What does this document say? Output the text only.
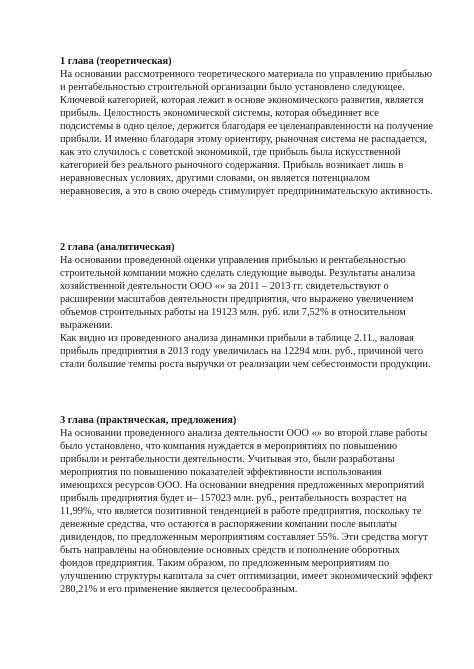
1 глава (теоретическая)

На основании рассмотренного теоретического материала по управлению прибылью и рентабельностью строительной организации было установлено следующее.

Ключевой категорией, которая лежит в основе экономического развития, является прибыль. Целостность экономической системы, которая объединяет все подсистемы в одно целое, держится благодаря ее целенаправленности на получение прибыли. И именно благодаря этому ориентиру, рыночная система не распадается, как это случилось с советской экономикой, где прибыль была искусственной категорией без реального рыночного содержания. Прибыль возникает лишь в неравновесных условиях, другими словами, он является потенциалом неравновесия, а это в свою очередь стимулирует предпринимательскую активность.

2 глава (аналитическая)

На основании проведенной оценки управления прибылью и рентабельностью строительной компании можно сделать следующие выводы. Результаты анализа хозяйственной деятельности ООО «» за 2011 – 2013 гг. свидетельствуют о расширении масштабов деятельности предприятия, что выражено увеличением объемов строительных работы на 19123 млн. руб. или 7,52% в относительном выражении.

Как видно из проведенного анализа динамики прибыли в таблице 2.11., валовая прибыль предприятия в 2013 году увеличилась на 12294 млн. руб., причиной чего стали большие темпы роста выручки от реализации чем себестоимости продукции.

3 глава (практическая, предложения)

На основании проведенного анализа деятельности ООО «» во второй главе работы было установлено, что компания нуждается в мероприятиях по повышению прибыли и рентабельности деятельности. Учитывая это, были разработаны мероприятия по повышению показателей эффективности использования имеющихся ресурсов ООО. На основании внедрения предложенных мероприятий прибыль предприятия будет и– 157023 млн. руб., рентабельность возрастет на 11,99%, что является позитивной тенденцией в работе предприятия, поскольку те денежные средства, что остаются в распоряжении компании после выплаты дивидендов, по предложенным мероприятиям составляет 55%. Эти средства могут быть направлены на обновление основных средств и пополнение оборотных фондов предприятия. Таким образом, по предложенным мероприятиям по улучшению структуры капитала за счет оптимизации, имеет экономический эффект 280,21% и его применение является целесообразным.
